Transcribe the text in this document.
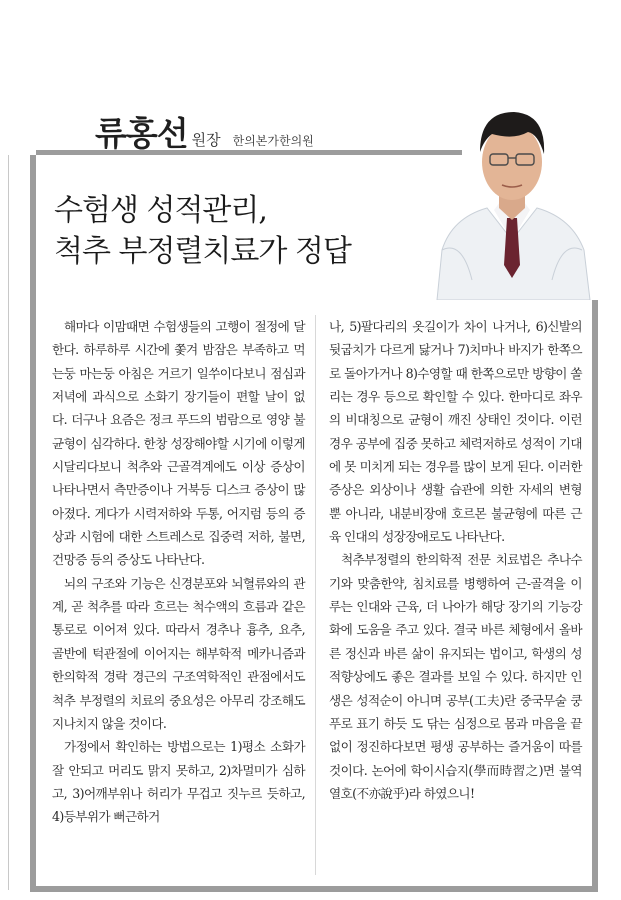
류홍선 원장 한의본가한의원
수험생 성적관리,
척추 부정렬치료가 정답

해마다 이맘때면 수험생들의 고행이 절정에 달한다. 하루하루 시간에 쫓겨 밤잠은 부족하고 먹는둥 마는둥 아침은 거르기 일쑤이다보니 점심과 저녁에 과식으로 소화기 장기들이 편할 날이 없다. 더구나 요즘은 정크 푸드의 범람으로 영양 불균형이 심각하다. 한창 성장해야할 시기에 이렇게 시달리다보니 척추와 근골격계에도 이상 증상이 나타나면서 측만증이나 거북등 디스크 증상이 많아졌다. 게다가 시력저하와 두통, 어지럼 등의 증상과 시험에 대한 스트레스로 집중력 저하, 불면, 건망증 등의 증상도 나타난다.

뇌의 구조와 기능은 신경분포와 뇌혈류와의 관계, 곧 척추를 따라 흐르는 척수액의 흐름과 같은 통로로 이어져 있다. 따라서 경추나 흉추, 요추, 골반에 턱관절에 이어지는 해부학적 메카니즘과 한의학적 경락 경근의 구조역학적인 관점에서도 척추 부정렬의 치료의 중요성은 아무리 강조해도 지나치지 않을 것이다.

가정에서 확인하는 방법으로는 1)평소 소화가 잘 안되고 머리도 맑지 못하고, 2)차멀미가 심하고, 3)어깨부위나 허리가 무겁고 짓누르 듯하고, 4)등부위가 뻐근하거

나, 5)팔다리의 옷길이가 차이 나거나, 6)신발의 뒷굽치가 다르게 닳거나 7)치마나 바지가 한쪽으로 돌아가거나 8)수영할 때 한쪽으로만 방향이 쏠리는 경우 등으로 확인할 수 있다. 한마디로 좌우의 비대칭으로 균형이 깨진 상태인 것이다. 이런 경우 공부에 집중 못하고 체력저하로 성적이 기대에 못 미치게 되는 경우를 많이 보게 된다. 이러한 증상은 외상이나 생활 습관에 의한 자세의 변형 뿐 아니라, 내분비장애 호르몬 불균형에 따른 근육 인대의 성장장애로도 나타난다.

척추부정렬의 한의학적 전문 치료법은 추나수기와 맞춤한약, 침치료를 병행하여 근-골격을 이루는 인대와 근육, 더 나아가 해당 장기의 기능강화에 도움을 주고 있다. 결국 바른 체형에서 올바른 정신과 바른 삶이 유지되는 법이고, 학생의 성적향상에도 좋은 결과를 보일 수 있다. 하지만 인생은 성적순이 아니며 공부(工夫)란 중국무술 쿵푸로 표기 하듯 도 닦는 심정으로 몸과 마음을 끝없이 정진하다보면 평생 공부하는 즐거움이 따를 것이다. 논어에 학이시습지(學而時習之)면 불역열호(不亦說乎)라 하였으니!
